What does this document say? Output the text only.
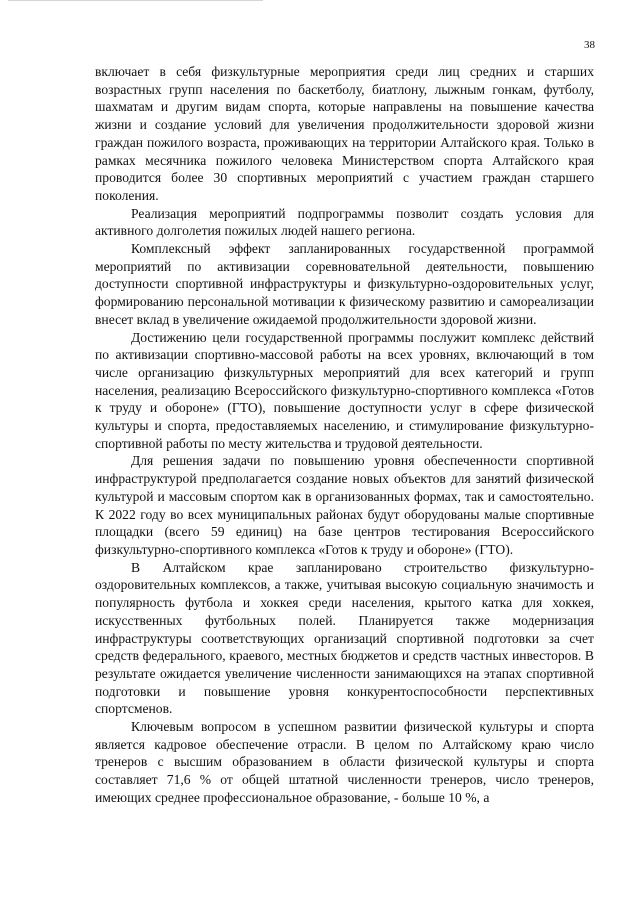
38

включает в себя физкультурные мероприятия среди лиц средних и старших возрастных групп населения по баскетболу, биатлону, лыжным гонкам, футболу, шахматам и другим видам спорта, которые направлены на повышение качества жизни и создание условий для увеличения продолжительности здоровой жизни граждан пожилого возраста, проживающих на территории Алтайского края. Только в рамках месячника пожилого человека Министерством спорта Алтайского края проводится более 30 спортивных мероприятий с участием граждан старшего поколения.

Реализация мероприятий подпрограммы позволит создать условия для активного долголетия пожилых людей нашего региона.

Комплексный эффект запланированных государственной программой мероприятий по активизации соревновательной деятельности, повышению доступности спортивной инфраструктуры и физкультурно-оздоровительных услуг, формированию персональной мотивации к физическому развитию и самореализации внесет вклад в увеличение ожидаемой продолжительности здоровой жизни.

Достижению цели государственной программы послужит комплекс действий по активизации спортивно-массовой работы на всех уровнях, включающий в том числе организацию физкультурных мероприятий для всех категорий и групп населения, реализацию Всероссийского физкультурно-спортивного комплекса «Готов к труду и обороне» (ГТО), повышение доступности услуг в сфере физической культуры и спорта, предоставляемых населению, и стимулирование физкультурно-спортивной работы по месту жительства и трудовой деятельности.

Для решения задачи по повышению уровня обеспеченности спортивной инфраструктурой предполагается создание новых объектов для занятий физической культурой и массовым спортом как в организованных формах, так и самостоятельно. К 2022 году во всех муниципальных районах будут оборудованы малые спортивные площадки (всего 59 единиц) на базе центров тестирования Всероссийского физкультурно-спортивного комплекса «Готов к труду и обороне» (ГТО).

В Алтайском крае запланировано строительство физкультурно-оздоровительных комплексов, а также, учитывая высокую социальную значимость и популярность футбола и хоккея среди населения, крытого катка для хоккея, искусственных футбольных полей. Планируется также модернизация инфраструктуры соответствующих организаций спортивной подготовки за счет средств федерального, краевого, местных бюджетов и средств частных инвесторов. В результате ожидается увеличение численности занимающихся на этапах спортивной подготовки и повышение уровня конкурентоспособности перспективных спортсменов.

Ключевым вопросом в успешном развитии физической культуры и спорта является кадровое обеспечение отрасли. В целом по Алтайскому краю число тренеров с высшим образованием в области физической культуры и спорта составляет 71,6 % от общей штатной численности тренеров, число тренеров, имеющих среднее профессиональное образование, - больше 10 %, а
